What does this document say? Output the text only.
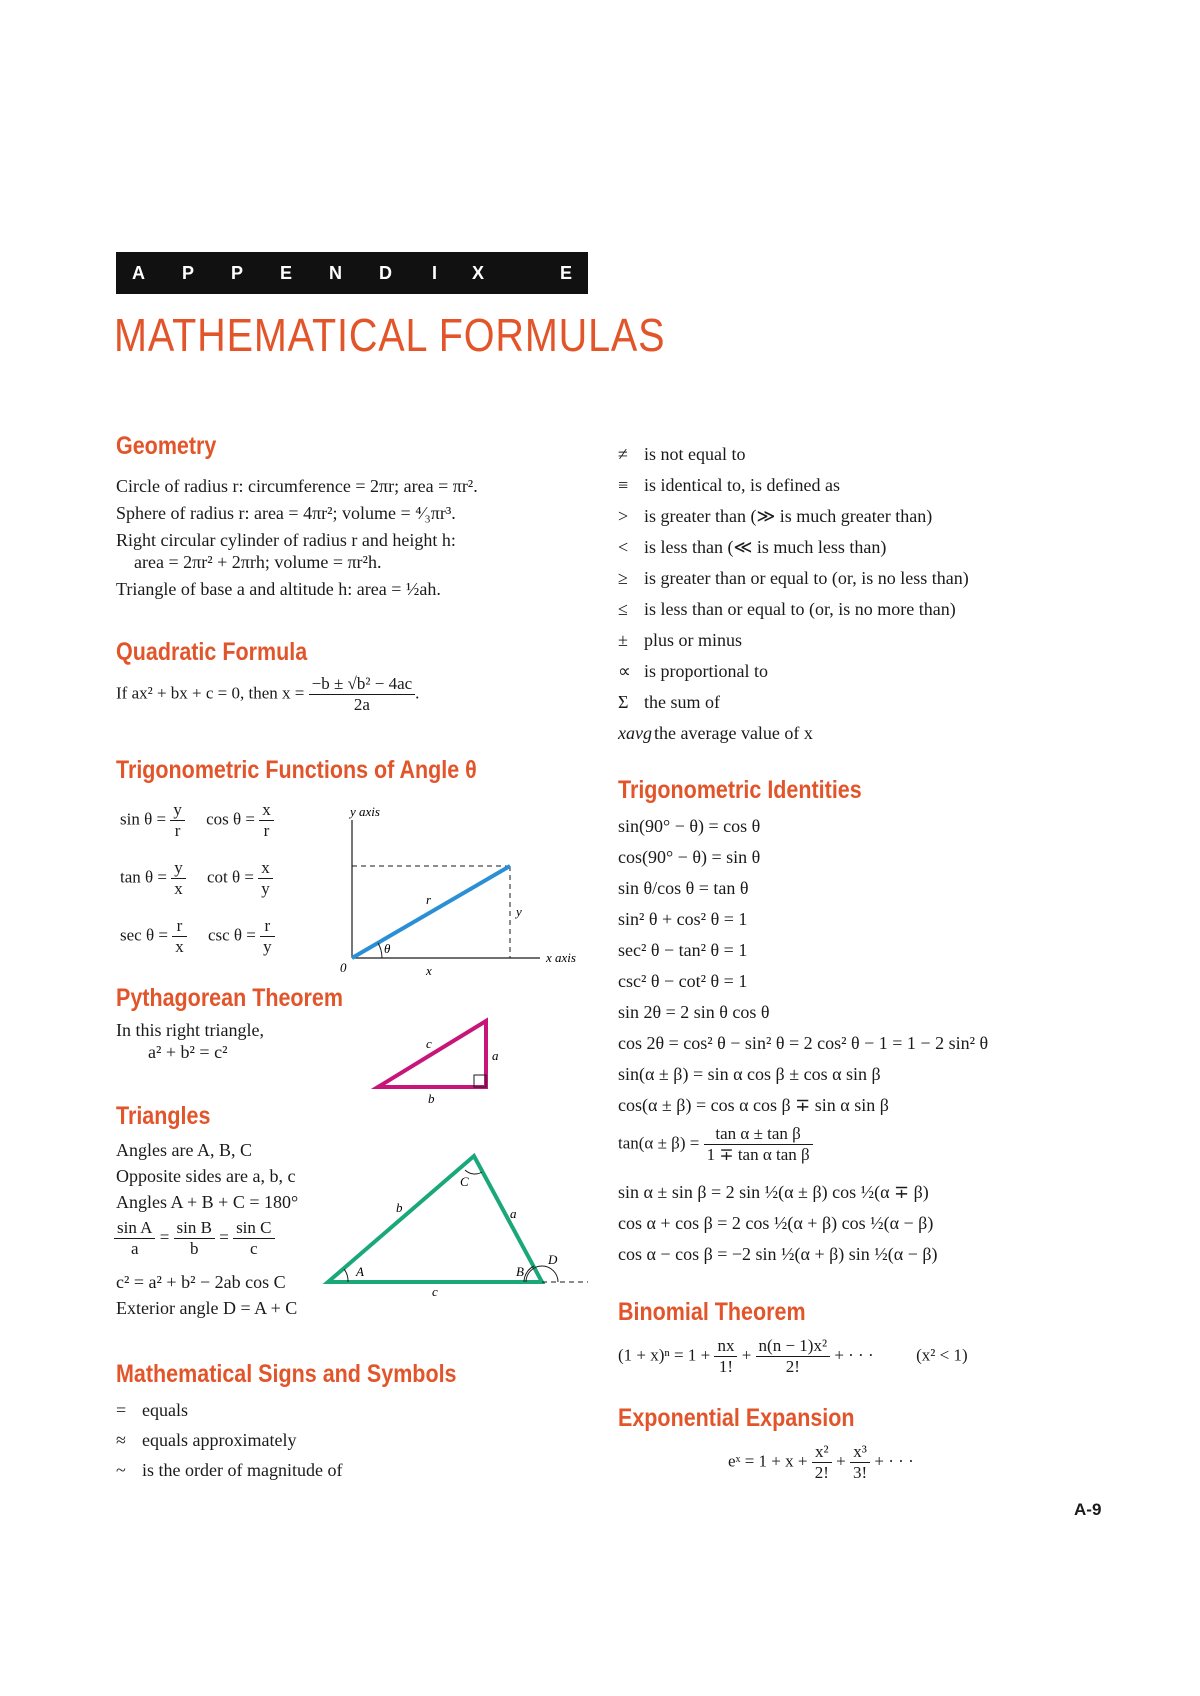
A P P E N D I X	E
MATHEMATICAL FORMULAS
Geometry
Circle of radius r: circumference = 2πr; area = πr².
Sphere of radius r: area = 4πr²; volume = ⁴⁄₃πr³.
Right circular cylinder of radius r and height h:
area = 2πr² + 2πrh; volume = πr²h.
Triangle of base a and altitude h: area = ½ah.
Quadratic Formula
If ax² + bx + c = 0, then $x = \frac{\text{−b ± √b² − 4ac}}{2a}$ .
Trigonometric Functions of Angle θ
$\sin \theta = \frac{y}{r}$ $\cos \theta = \frac{x}{r}$
$\tan \theta = \frac{y}{x}$ $\cot \theta = \frac{x}{y}$
$\sec \theta = \frac{r}{x}$ $\csc \theta = \frac{r}{y}$
y axis
x axis
0
r
x
y
θ
Pythagorean Theorem
In this right triangle,
a² + b² = c²	c
a
b
Triangles
Angles are A, B, C
Opposite sides are a, b, c
Angles A + B + C = 180°
$\frac{\text{sin A}}{a} = \frac{\text{sin B}}{b} = \frac{\text{sin C}}{c}$
c² = a² + b² − 2ab cos C
Exterior angle D = A + C
A	B
C
D
a
b
c
Mathematical Signs and Symbols
= equals
≈ equals approximately
~ is the order of magnitude of
≠ is not equal to
≡ is identical to, is defined as
> is greater than (≫ is much greater than)
< is less than (≪ is much less than)
≥ is greater than or equal to (or, is no less than)
≤ is less than or equal to (or, is no more than)
± plus or minus
∝ is proportional to
Σ the sum of
xavg the average value of x
Trigonometric Identities
sin(90° − θ) = cos θ
cos(90° − θ) = sin θ
sin θ/cos θ = tan θ
sin² θ + cos² θ = 1
sec² θ − tan² θ = 1
csc² θ − cot² θ = 1
sin 2θ = 2 sin θ cos θ
cos 2θ = cos² θ − sin² θ = 2 cos² θ − 1 = 1 − 2 sin² θ
sin(α ± β) = sin α cos β ± cos α sin β
cos(α ± β) = cos α cos β ∓ sin α sin β
$\tan(\alpha \pm \beta) = \frac{\text{tan α ± tan β}}{\text{1 ∓ tan α tan β}}$
sin α ± sin β = 2 sin ½(α ± β) cos ½(α ∓ β)
cos α + cos β = 2 cos ½(α + β) cos ½(α − β)
cos α − cos β = −2 sin ½(α + β) sin ½(α − β)
Binomial Theorem
$(1 + x)^n = 1 + \frac{nx}{1!} + \frac{\text{n(n − 1)x²}}{2!}$ + · · ·	(x² < 1)
Exponential Expansion
eˣ = $1 + x + \frac{\text{x²}}{2!} + \frac{\text{x³}}{3!}$ + · · ·
A-9
